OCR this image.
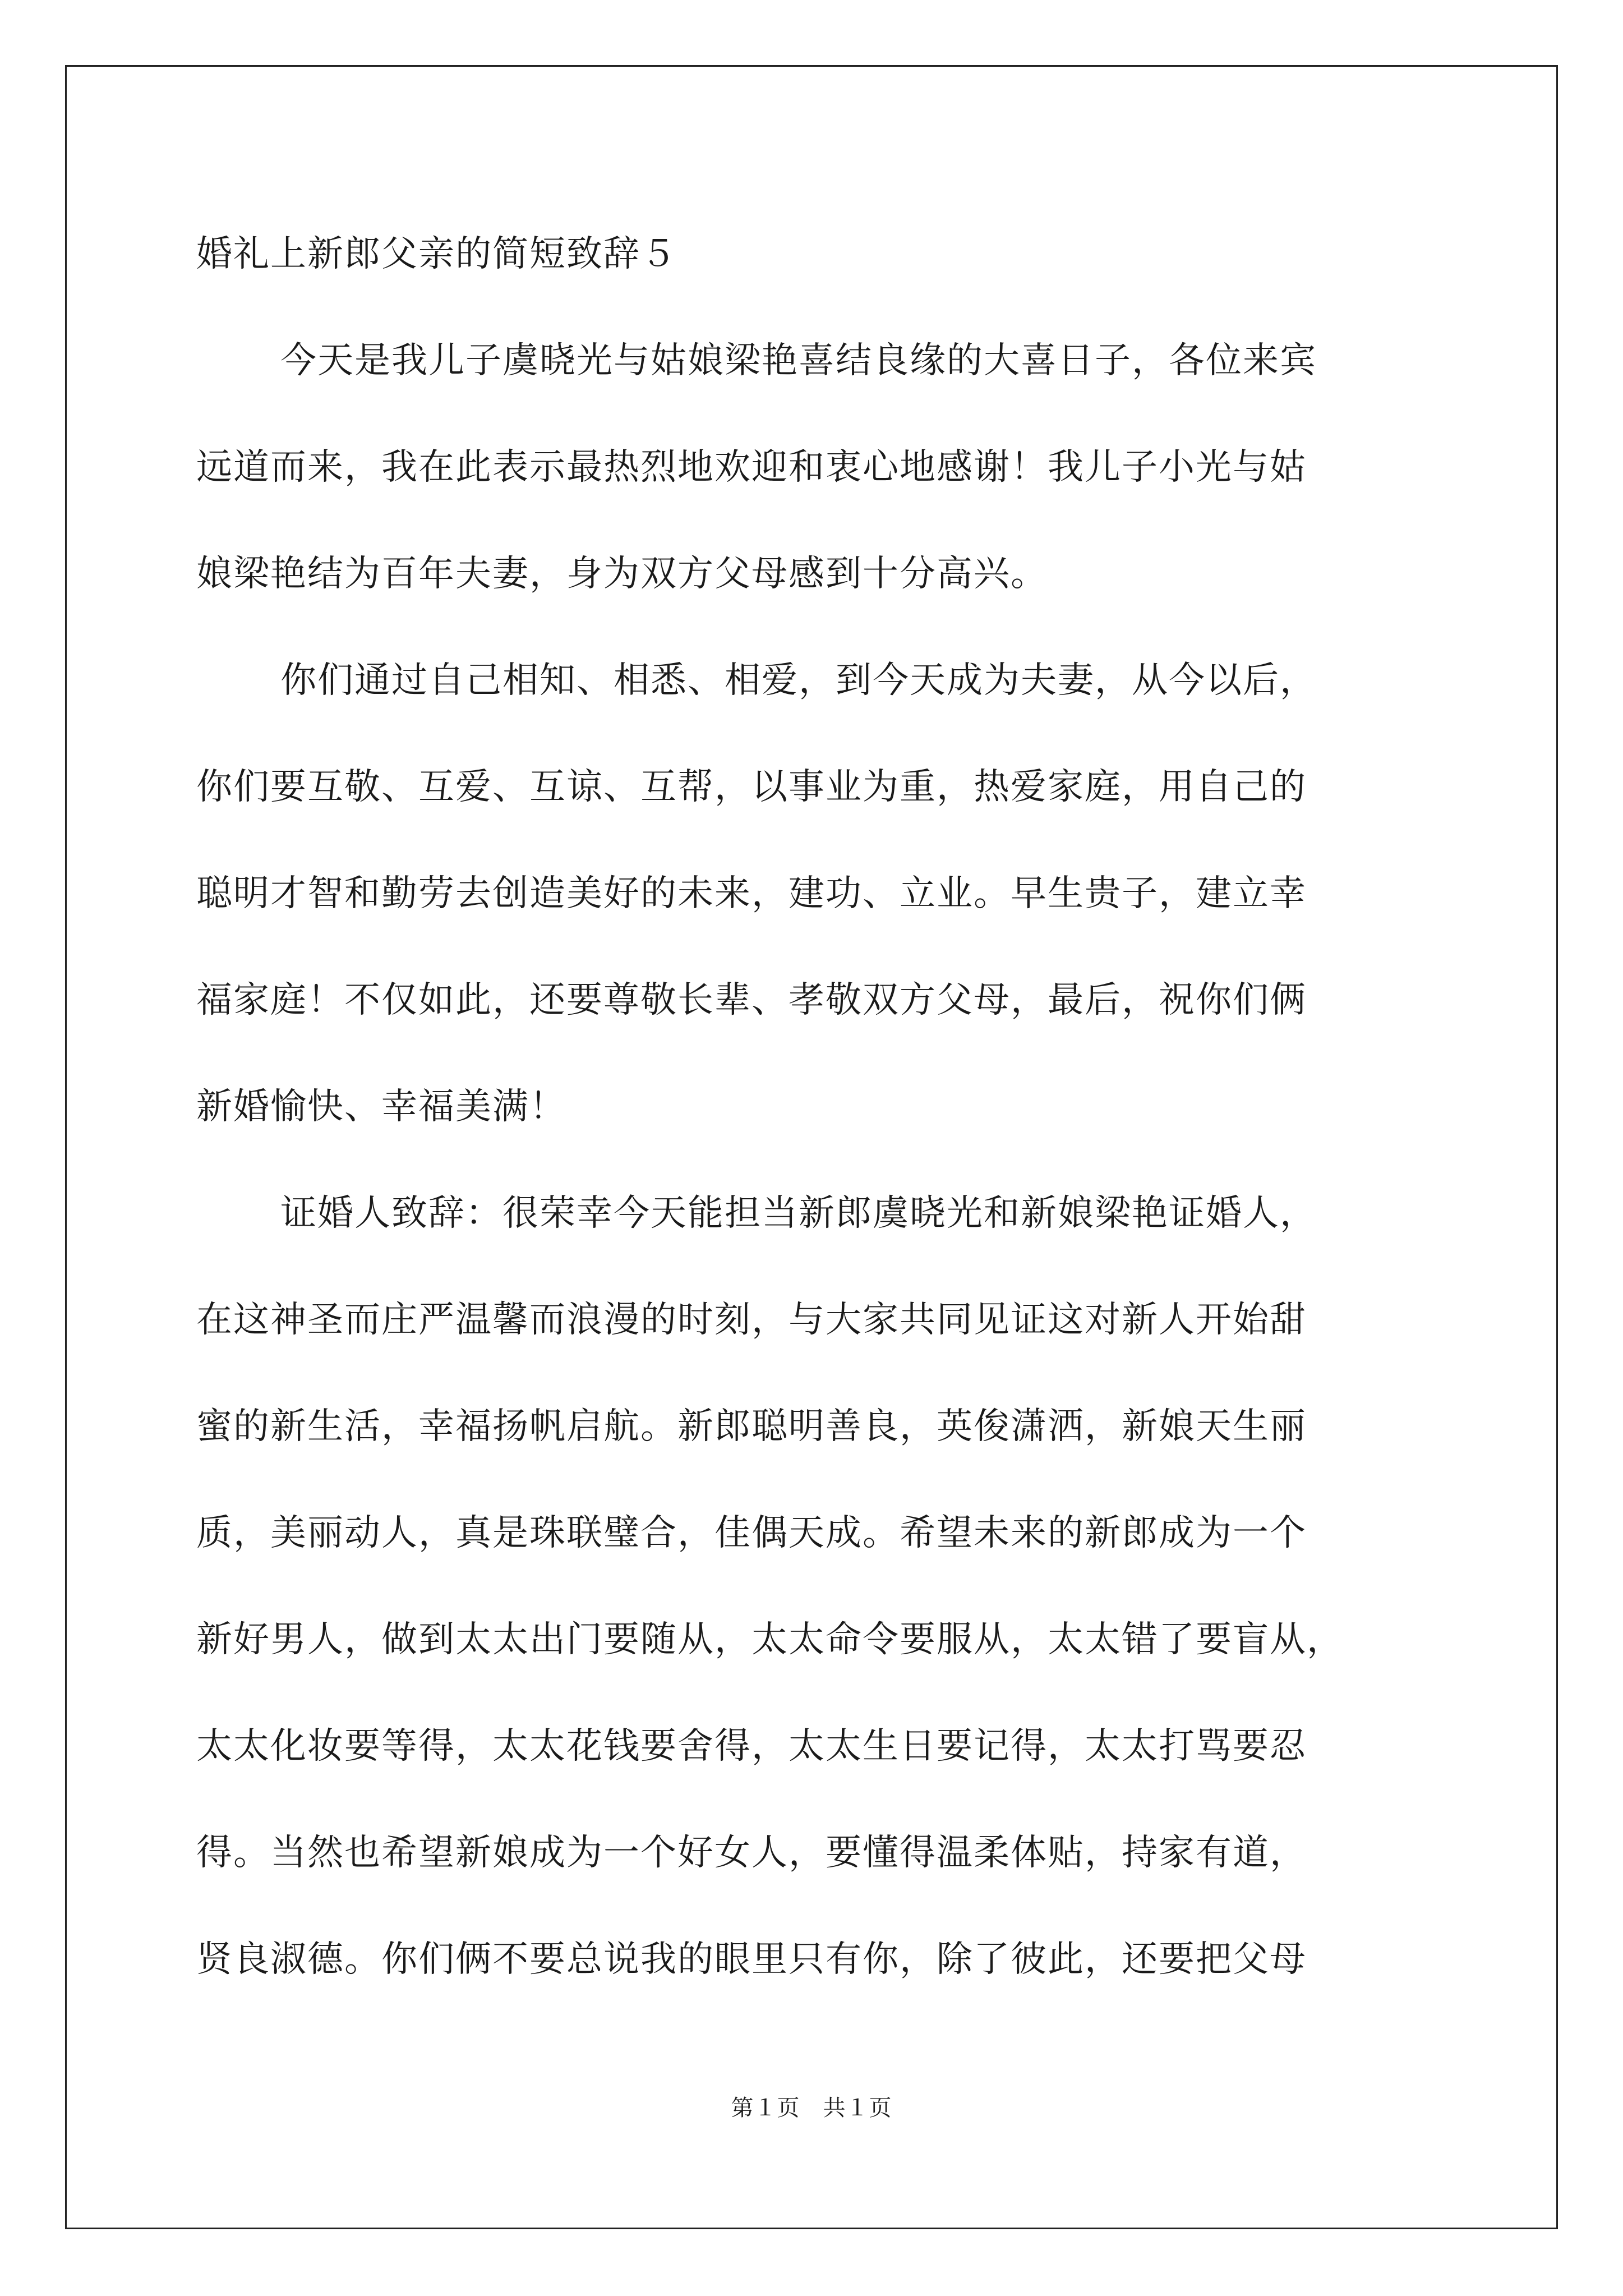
婚礼上新郎父亲的简短致辞５

今天是我儿子虞晓光与姑娘梁艳喜结良缘的大喜日子，各位来宾

远道而来，我在此表示最热烈地欢迎和衷心地感谢！我儿子小光与姑

娘梁艳结为百年夫妻，身为双方父母感到十分高兴。

你们通过自己相知、相悉、相爱，到今天成为夫妻，从今以后，

你们要互敬、互爱、互谅、互帮，以事业为重，热爱家庭，用自己的

聪明才智和勤劳去创造美好的未来，建功、立业。早生贵子，建立幸

福家庭！不仅如此，还要尊敬长辈、孝敬双方父母，最后，祝你们俩

新婚愉快、幸福美满！

证婚人致辞：很荣幸今天能担当新郎虞晓光和新娘梁艳证婚人，

在这神圣而庄严温馨而浪漫的时刻，与大家共同见证这对新人开始甜

蜜的新生活，幸福扬帆启航。新郎聪明善良，英俊潇洒，新娘天生丽

质，美丽动人，真是珠联璧合，佳偶天成。希望未来的新郎成为一个

新好男人，做到太太出门要随从，太太命令要服从，太太错了要盲从，

太太化妆要等得，太太花钱要舍得，太太生日要记得，太太打骂要忍

得。当然也希望新娘成为一个好女人，要懂得温柔体贴，持家有道，

贤良淑德。你们俩不要总说我的眼里只有你，除了彼此，还要把父母

第１页　共１页
